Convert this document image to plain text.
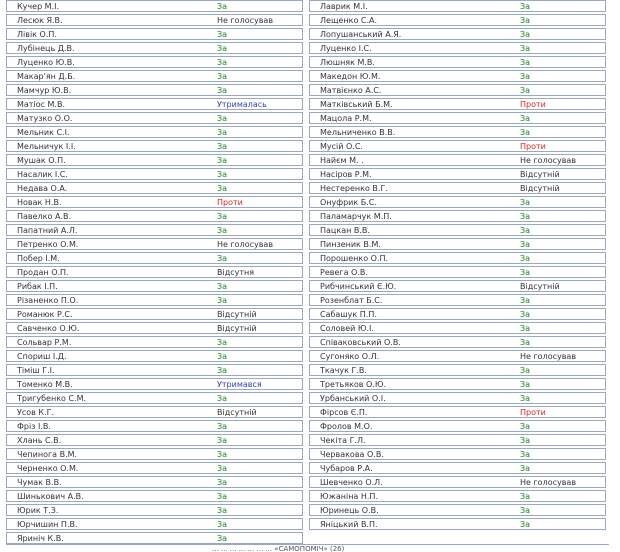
Кучер М.І.	За
Лесюк Я.В.	Не голосував
Лівік О.П.	За
Лубінець Д.В.	За
Луценко Ю.В.	За
Макар'ян Д.Б.	За
Мамчур Ю.В.	За
Матіос М.В.	Утрималась
Матузко О.О.	За
Мельник С.І.	За
Мельничук І.І.	За
Мушак О.П.	За
Насалик І.С.	За
Недава О.А.	За
Новак Н.В.	Проти
Павелко А.В.	За
Папатний А.Л.	За
Петренко О.М.	Не голосував
Побер І.М.	За
Продан О.П.	Відсутня
Рибак І.П.	За
Різаненко П.О.	За
Романюк Р.С.	Відсутній
Савченко О.Ю.	Відсутній
Сольвар Р.М.	За
Спориш І.Д.	За
Тіміш Г.І.	За
Томенко М.В.	Утримався
Тригубенко С.М.	За
Усов К.Г.	Відсутній
Фріз І.В.	За
Хлань С.В.	За
Чепинога В.М.	За
Черненко О.М.	За
Чумак В.В.	За
Шинькович А.В.	За
Юрик Т.З.	За
Юрчишин П.В.	За
Яриніч К.В.	За
Лаврик М.І.	За
Лещенко С.А.	За
Лопушанський А.Я.	За
Луценко І.С.	За
Люшняк М.В.	За
Македон Ю.М.	За
Матвієнко А.С.	За
Матківський Б.М.	Проти
Мацола Р.М.	За
Мельниченко В.В.	За
Мусій О.С.	Проти
Найєм М. .	Не голосував
Насіров Р.М.	Відсутній
Нестеренко В.Г.	Відсутній
Онуфрик Б.С.	За
Паламарчук М.П.	За
Пацкан В.В.	За
Пинзеник В.М.	За
Порошенко О.П.	За
Ревега О.В.	За
Рибчинський Є.Ю.	Відсутній
Розенблат Б.С.	За
Сабашук П.П.	За
Соловей Ю.І.	За
Співаковський О.В.	За
Сугоняко О.Л.	Не голосував
Ткачук Г.В.	За
Третьяков О.Ю.	За
Урбанський О.І.	За
Фірсов Є.П.	Проти
Фролов М.О.	За
Чекіта Г.Л.	За
Червакова О.В.	За
Чубаров Р.А.	За
Шевченко О.Л.	Не голосував
Южаніна Н.П.	За
Юринець О.В.	За
Яніцький В.П.	За
... ... ... ... ... ... ... «САМОПОМІЧ» (26)
